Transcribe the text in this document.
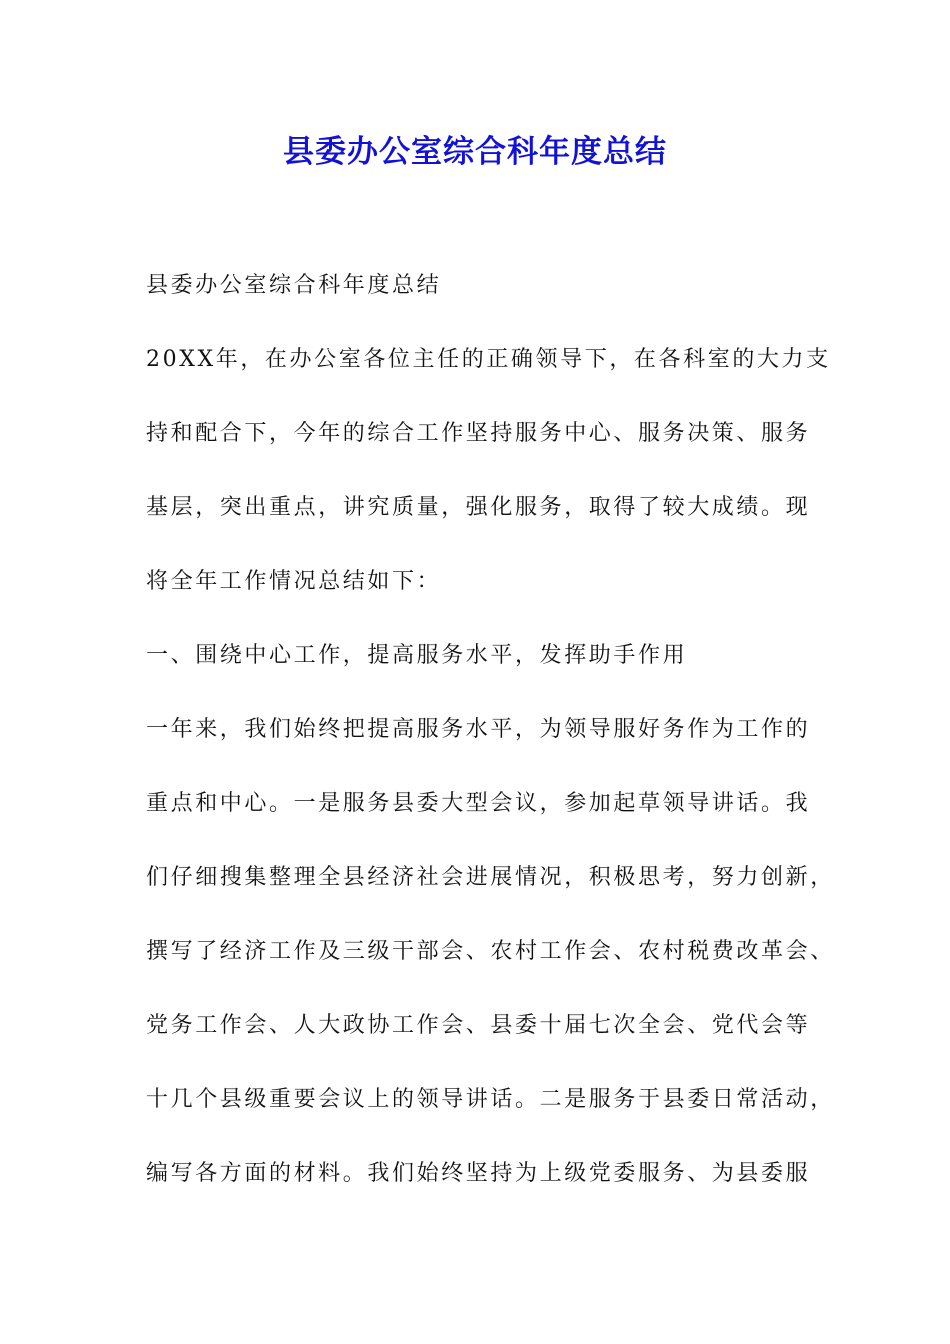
县委办公室综合科年度总结
县委办公室综合科年度总结
20XX年，在办公室各位主任的正确领导下，在各科室的大力支
持和配合下，今年的综合工作坚持服务中心、服务决策、服务
基层，突出重点，讲究质量，强化服务，取得了较大成绩。现
将全年工作情况总结如下：
一、围绕中心工作，提高服务水平，发挥助手作用
一年来，我们始终把提高服务水平，为领导服好务作为工作的
重点和中心。一是服务县委大型会议，参加起草领导讲话。我
们仔细搜集整理全县经济社会进展情况，积极思考，努力创新，
撰写了经济工作及三级干部会、农村工作会、农村税费改革会、
党务工作会、人大政协工作会、县委十届七次全会、党代会等
十几个县级重要会议上的领导讲话。二是服务于县委日常活动，
编写各方面的材料。我们始终坚持为上级党委服务、为县委服
